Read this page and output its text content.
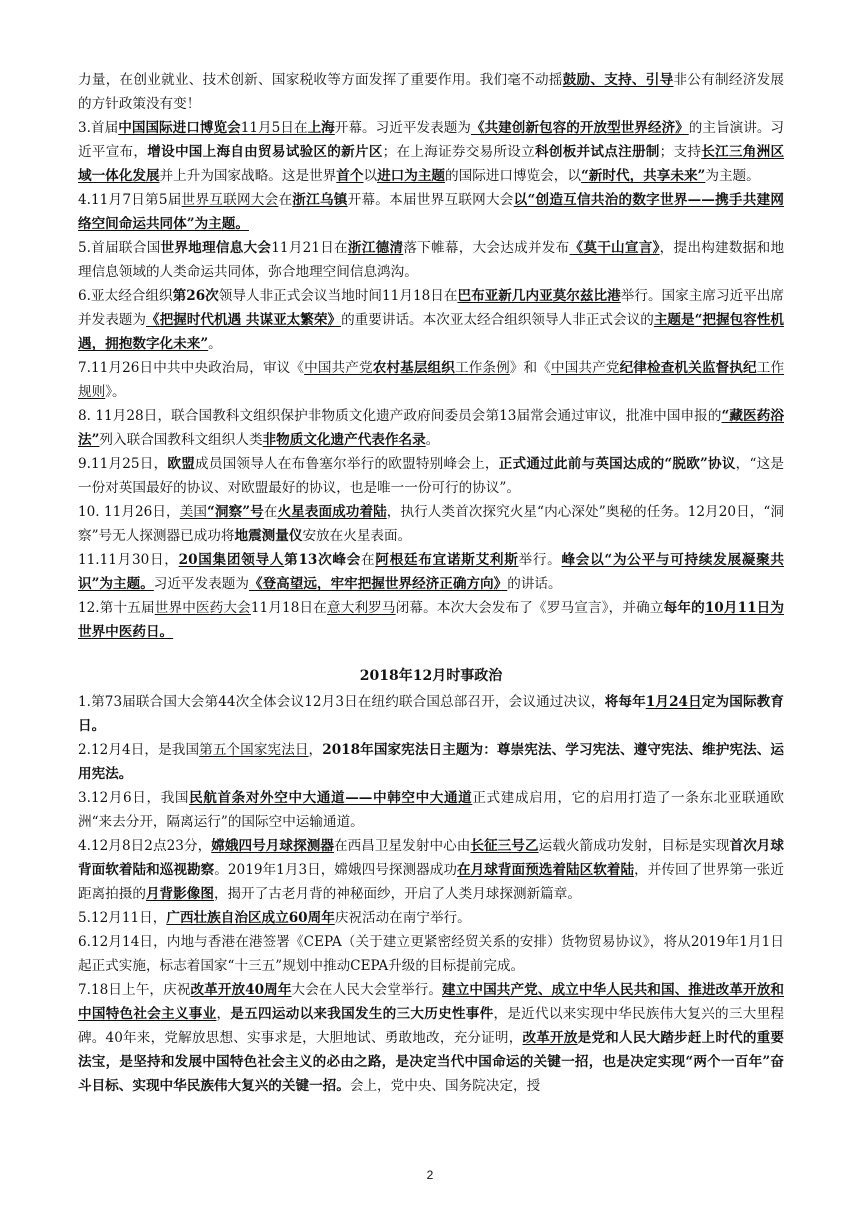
力量，在创业就业、技术创新、国家税收等方面发挥了重要作用。我们毫不动摇鼓励、支持、引导非公有制经济发展的方针政策没有变！

3.首届中国国际进口博览会11月5日在上海开幕。习近平发表题为《共建创新包容的开放型世界经济》的主旨演讲。习近平宣布，增设中国上海自由贸易试验区的新片区；在上海证券交易所设立科创板并试点注册制；支持长江三角洲区域一体化发展并上升为国家战略。这是世界首个以进口为主题的国际进口博览会，以“新时代，共享未来”为主题。

4.11月7日第5届世界互联网大会在浙江乌镇开幕。本届世界互联网大会以“创造互信共治的数字世界——携手共建网络空间命运共同体”为主题。

5.首届联合国世界地理信息大会11月21日在浙江德清落下帷幕，大会达成并发布《莫干山宣言》，提出构建数据和地理信息领域的人类命运共同体，弥合地理空间信息鸿沟。

6.亚太经合组织第26次领导人非正式会议当地时间11月18日在巴布亚新几内亚莫尔兹比港举行。国家主席习近平出席并发表题为《把握时代机遇 共谋亚太繁荣》的重要讲话。本次亚太经合组织领导人非正式会议的主题是“把握包容性机遇，拥抱数字化未来”。

7.11月26日中共中央政治局，审议《中国共产党农村基层组织工作条例》和《中国共产党纪律检查机关监督执纪工作规则》。

8. 11月28日，联合国教科文组织保护非物质文化遗产政府间委员会第13届常会通过审议，批准中国申报的“藏医药浴法”列入联合国教科文组织人类非物质文化遗产代表作名录。

9.11月25日，欧盟成员国领导人在布鲁塞尔举行的欧盟特别峰会上，正式通过此前与英国达成的“脱欧”协议，“这是一份对英国最好的协议、对欧盟最好的协议，也是唯一一份可行的协议”。

10. 11月26日，美国“洞察”号在火星表面成功着陆，执行人类首次探究火星“内心深处”奥秘的任务。12月20日，“洞察”号无人探测器已成功将地震测量仪安放在火星表面。

11.11月30日，20国集团领导人第13次峰会在阿根廷布宜诺斯艾利斯举行。峰会以“为公平与可持续发展凝聚共识”为主题。习近平发表题为《登高望远，牢牢把握世界经济正确方向》的讲话。

12.第十五届世界中医药大会11月18日在意大利罗马闭幕。本次大会发布了《罗马宣言》，并确立每年的10月11日为世界中医药日。

2018年12月时事政治

1.第73届联合国大会第44次全体会议12月3日在纽约联合国总部召开，会议通过决议，将每年1月24日定为国际教育日。

2.12月4日，是我国第五个国家宪法日，2018年国家宪法日主题为：尊崇宪法、学习宪法、遵守宪法、维护宪法、运用宪法。

3.12月6日，我国民航首条对外空中大通道——中韩空中大通道正式建成启用，它的启用打造了一条东北亚联通欧洲“来去分开，隔离运行”的国际空中运输通道。

4.12月8日2点23分，嫦娥四号月球探测器在西昌卫星发射中心由长征三号乙运载火箭成功发射，目标是实现首次月球背面软着陆和巡视勘察。2019年1月3日，嫦娥四号探测器成功在月球背面预选着陆区软着陆，并传回了世界第一张近距离拍摄的月背影像图，揭开了古老月背的神秘面纱，开启了人类月球探测新篇章。

5.12月11日，广西壮族自治区成立60周年庆祝活动在南宁举行。

6.12月14日，内地与香港在港签署《CEPA（关于建立更紧密经贸关系的安排）货物贸易协议》，将从2019年1月1日起正式实施，标志着国家“十三五”规划中推动CEPA升级的目标提前完成。

7.18日上午，庆祝改革开放40周年大会在人民大会堂举行。建立中国共产党、成立中华人民共和国、推进改革开放和中国特色社会主义事业，是五四运动以来我国发生的三大历史性事件，是近代以来实现中华民族伟大复兴的三大里程碑。40年来，党解放思想、实事求是，大胆地试、勇敢地改，充分证明，改革开放是党和人民大踏步赶上时代的重要法宝，是坚持和发展中国特色社会主义的必由之路，是决定当代中国命运的关键一招，也是决定实现“两个一百年”奋斗目标、实现中华民族伟大复兴的关键一招。会上，党中央、国务院决定，授

2
